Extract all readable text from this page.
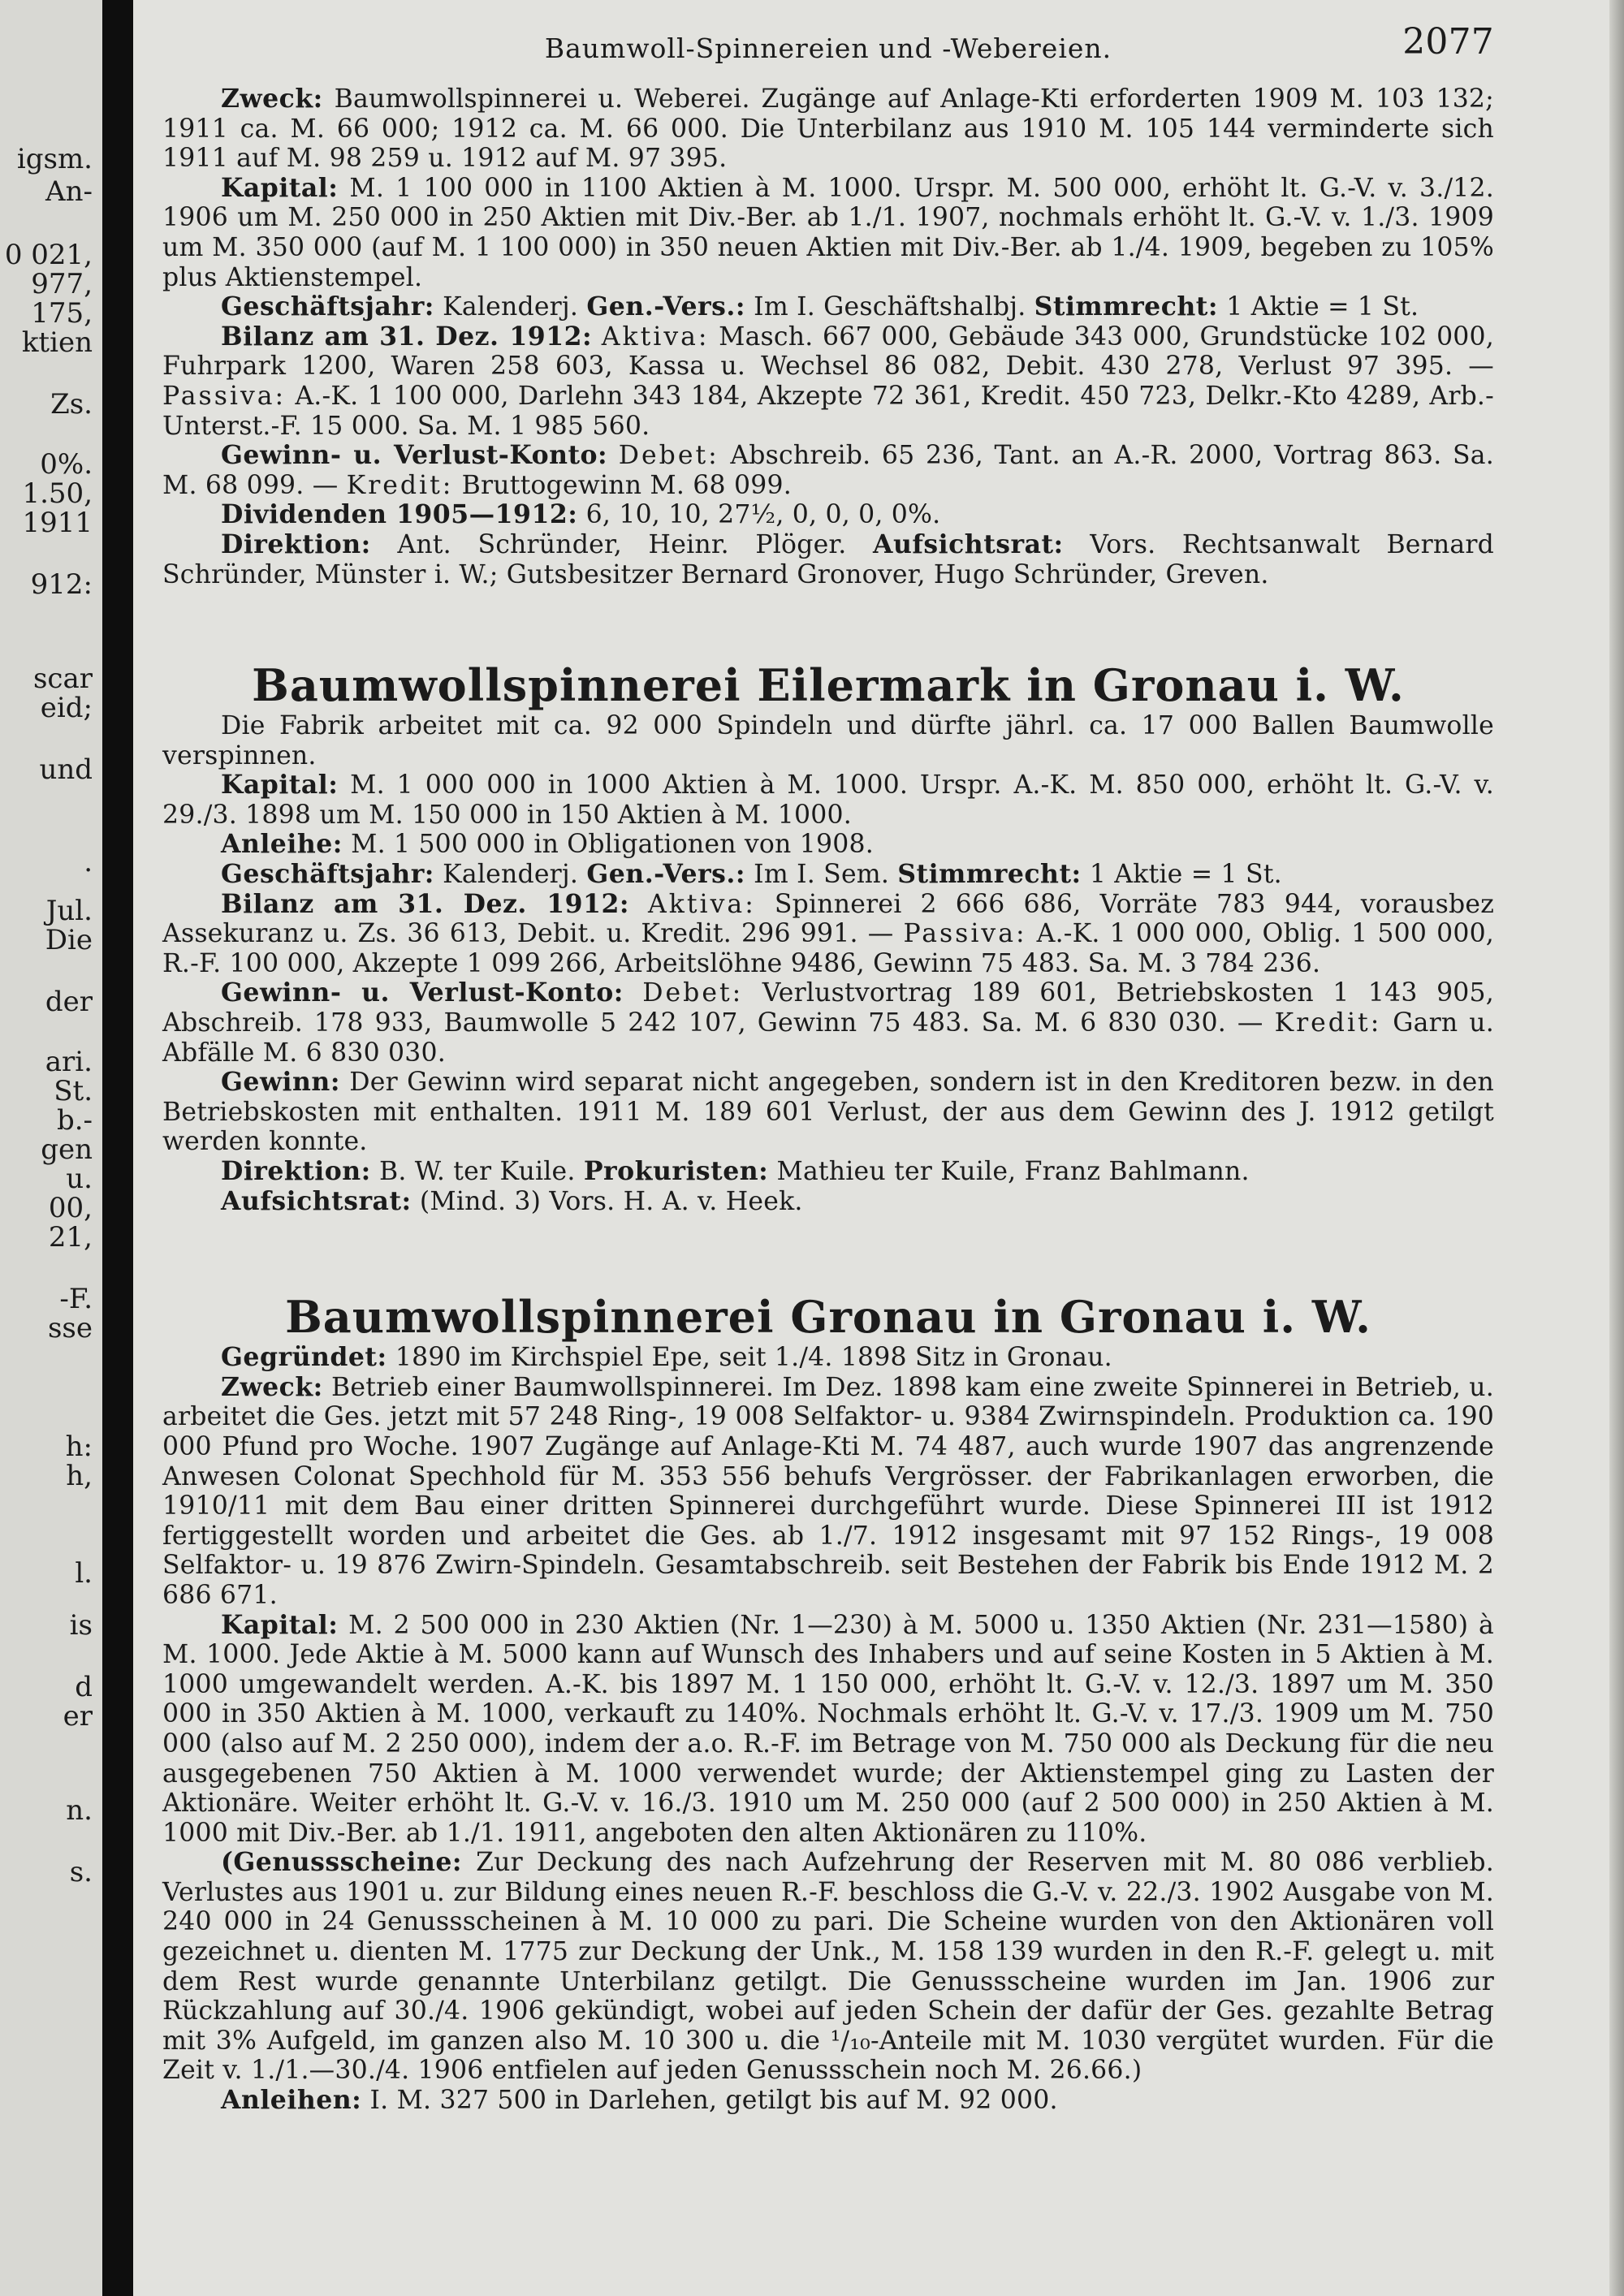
igsm.
An-
0 021,
977,
175,
ktien
Zs.
0%.
1.50,
1911
912:
scar
eid;
und
.
Jul.
Die
der
ari.
St.
b.-
gen
u.
00,
21,
-F.
sse
h:
h,
l.
is
d
er
n.
s.
Baumwoll-Spinnereien und -Webereien.	2077

Zweck: Baumwollspinnerei u. Weberei. Zugänge auf Anlage-Kti erforderten 1909 M. 103 132; 1911 ca. M. 66 000; 1912 ca. M. 66 000. Die Unterbilanz aus 1910 M. 105 144 verminderte sich 1911 auf M. 98 259 u. 1912 auf M. 97 395.

Kapital: M. 1 100 000 in 1100 Aktien à M. 1000. Urspr. M. 500 000, erhöht lt. G.-V. v. 3./12. 1906 um M. 250 000 in 250 Aktien mit Div.-Ber. ab 1./1. 1907, nochmals erhöht lt. G.-V. v. 1./3. 1909 um M. 350 000 (auf M. 1 100 000) in 350 neuen Aktien mit Div.-Ber. ab 1./4. 1909, begeben zu 105% plus Aktienstempel.

Geschäftsjahr: Kalenderj. Gen.-Vers.: Im I. Geschäftshalbj. Stimmrecht: 1 Aktie = 1 St.

Bilanz am 31. Dez. 1912: Aktiva: Masch. 667 000, Gebäude 343 000, Grundstücke 102 000, Fuhrpark 1200, Waren 258 603, Kassa u. Wechsel 86 082, Debit. 430 278, Verlust 97 395. — Passiva: A.-K. 1 100 000, Darlehn 343 184, Akzepte 72 361, Kredit. 450 723, Delkr.-Kto 4289, Arb.-Unterst.-F. 15 000. Sa. M. 1 985 560.

Gewinn- u. Verlust-Konto: Debet: Abschreib. 65 236, Tant. an A.-R. 2000, Vortrag 863. Sa. M. 68 099. — Kredit: Bruttogewinn M. 68 099.

Dividenden 1905—1912: 6, 10, 10, 27½, 0, 0, 0, 0%.

Direktion: Ant. Schründer, Heinr. Plöger. Aufsichtsrat: Vors. Rechtsanwalt Bernard Schründer, Münster i. W.; Gutsbesitzer Bernard Gronover, Hugo Schründer, Greven.

Baumwollspinnerei Eilermark in Gronau i. W.

Die Fabrik arbeitet mit ca. 92 000 Spindeln und dürfte jährl. ca. 17 000 Ballen Baumwolle verspinnen.

Kapital: M. 1 000 000 in 1000 Aktien à M. 1000. Urspr. A.-K. M. 850 000, erhöht lt. G.-V. v. 29./3. 1898 um M. 150 000 in 150 Aktien à M. 1000.

Anleihe: M. 1 500 000 in Obligationen von 1908.

Geschäftsjahr: Kalenderj. Gen.-Vers.: Im I. Sem. Stimmrecht: 1 Aktie = 1 St.

Bilanz am 31. Dez. 1912: Aktiva: Spinnerei 2 666 686, Vorräte 783 944, vorausbez Assekuranz u. Zs. 36 613, Debit. u. Kredit. 296 991. — Passiva: A.-K. 1 000 000, Oblig. 1 500 000, R.-F. 100 000, Akzepte 1 099 266, Arbeitslöhne 9486, Gewinn 75 483. Sa. M. 3 784 236.

Gewinn- u. Verlust-Konto: Debet: Verlustvortrag 189 601, Betriebskosten 1 143 905, Abschreib. 178 933, Baumwolle 5 242 107, Gewinn 75 483. Sa. M. 6 830 030. — Kredit: Garn u. Abfälle M. 6 830 030.

Gewinn: Der Gewinn wird separat nicht angegeben, sondern ist in den Kreditoren bezw. in den Betriebskosten mit enthalten. 1911 M. 189 601 Verlust, der aus dem Gewinn des J. 1912 getilgt werden konnte.

Direktion: B. W. ter Kuile. Prokuristen: Mathieu ter Kuile, Franz Bahlmann.

Aufsichtsrat: (Mind. 3) Vors. H. A. v. Heek.

Baumwollspinnerei Gronau in Gronau i. W.

Gegründet: 1890 im Kirchspiel Epe, seit 1./4. 1898 Sitz in Gronau.

Zweck: Betrieb einer Baumwollspinnerei. Im Dez. 1898 kam eine zweite Spinnerei in Betrieb, u. arbeitet die Ges. jetzt mit 57 248 Ring-, 19 008 Selfaktor- u. 9384 Zwirnspindeln. Produktion ca. 190 000 Pfund pro Woche. 1907 Zugänge auf Anlage-Kti M. 74 487, auch wurde 1907 das angrenzende Anwesen Colonat Spechhold für M. 353 556 behufs Vergrösser. der Fabrikanlagen erworben, die 1910/11 mit dem Bau einer dritten Spinnerei durchgeführt wurde. Diese Spinnerei III ist 1912 fertiggestellt worden und arbeitet die Ges. ab 1./7. 1912 insgesamt mit 97 152 Rings-, 19 008 Selfaktor- u. 19 876 Zwirn-Spindeln. Gesamtabschreib. seit Bestehen der Fabrik bis Ende 1912 M. 2 686 671.

Kapital: M. 2 500 000 in 230 Aktien (Nr. 1—230) à M. 5000 u. 1350 Aktien (Nr. 231—1580) à M. 1000. Jede Aktie à M. 5000 kann auf Wunsch des Inhabers und auf seine Kosten in 5 Aktien à M. 1000 umgewandelt werden. A.-K. bis 1897 M. 1 150 000, erhöht lt. G.-V. v. 12./3. 1897 um M. 350 000 in 350 Aktien à M. 1000, verkauft zu 140%. Nochmals erhöht lt. G.-V. v. 17./3. 1909 um M. 750 000 (also auf M. 2 250 000), indem der a.o. R.-F. im Betrage von M. 750 000 als Deckung für die neu ausgegebenen 750 Aktien à M. 1000 verwendet wurde; der Aktienstempel ging zu Lasten der Aktionäre. Weiter erhöht lt. G.-V. v. 16./3. 1910 um M. 250 000 (auf 2 500 000) in 250 Aktien à M. 1000 mit Div.-Ber. ab 1./1. 1911, angeboten den alten Aktionären zu 110%.

(Genussscheine: Zur Deckung des nach Aufzehrung der Reserven mit M. 80 086 verblieb. Verlustes aus 1901 u. zur Bildung eines neuen R.-F. beschloss die G.-V. v. 22./3. 1902 Ausgabe von M. 240 000 in 24 Genussscheinen à M. 10 000 zu pari. Die Scheine wurden von den Aktionären voll gezeichnet u. dienten M. 1775 zur Deckung der Unk., M. 158 139 wurden in den R.-F. gelegt u. mit dem Rest wurde genannte Unterbilanz getilgt. Die Genussscheine wurden im Jan. 1906 zur Rückzahlung auf 30./4. 1906 gekündigt, wobei auf jeden Schein der dafür der Ges. gezahlte Betrag mit 3% Aufgeld, im ganzen also M. 10 300 u. die ¹/₁₀-Anteile mit M. 1030 vergütet wurden. Für die Zeit v. 1./1.—30./4. 1906 entfielen auf jeden Genussschein noch M. 26.66.)

Anleihen: I. M. 327 500 in Darlehen, getilgt bis auf M. 92 000.
